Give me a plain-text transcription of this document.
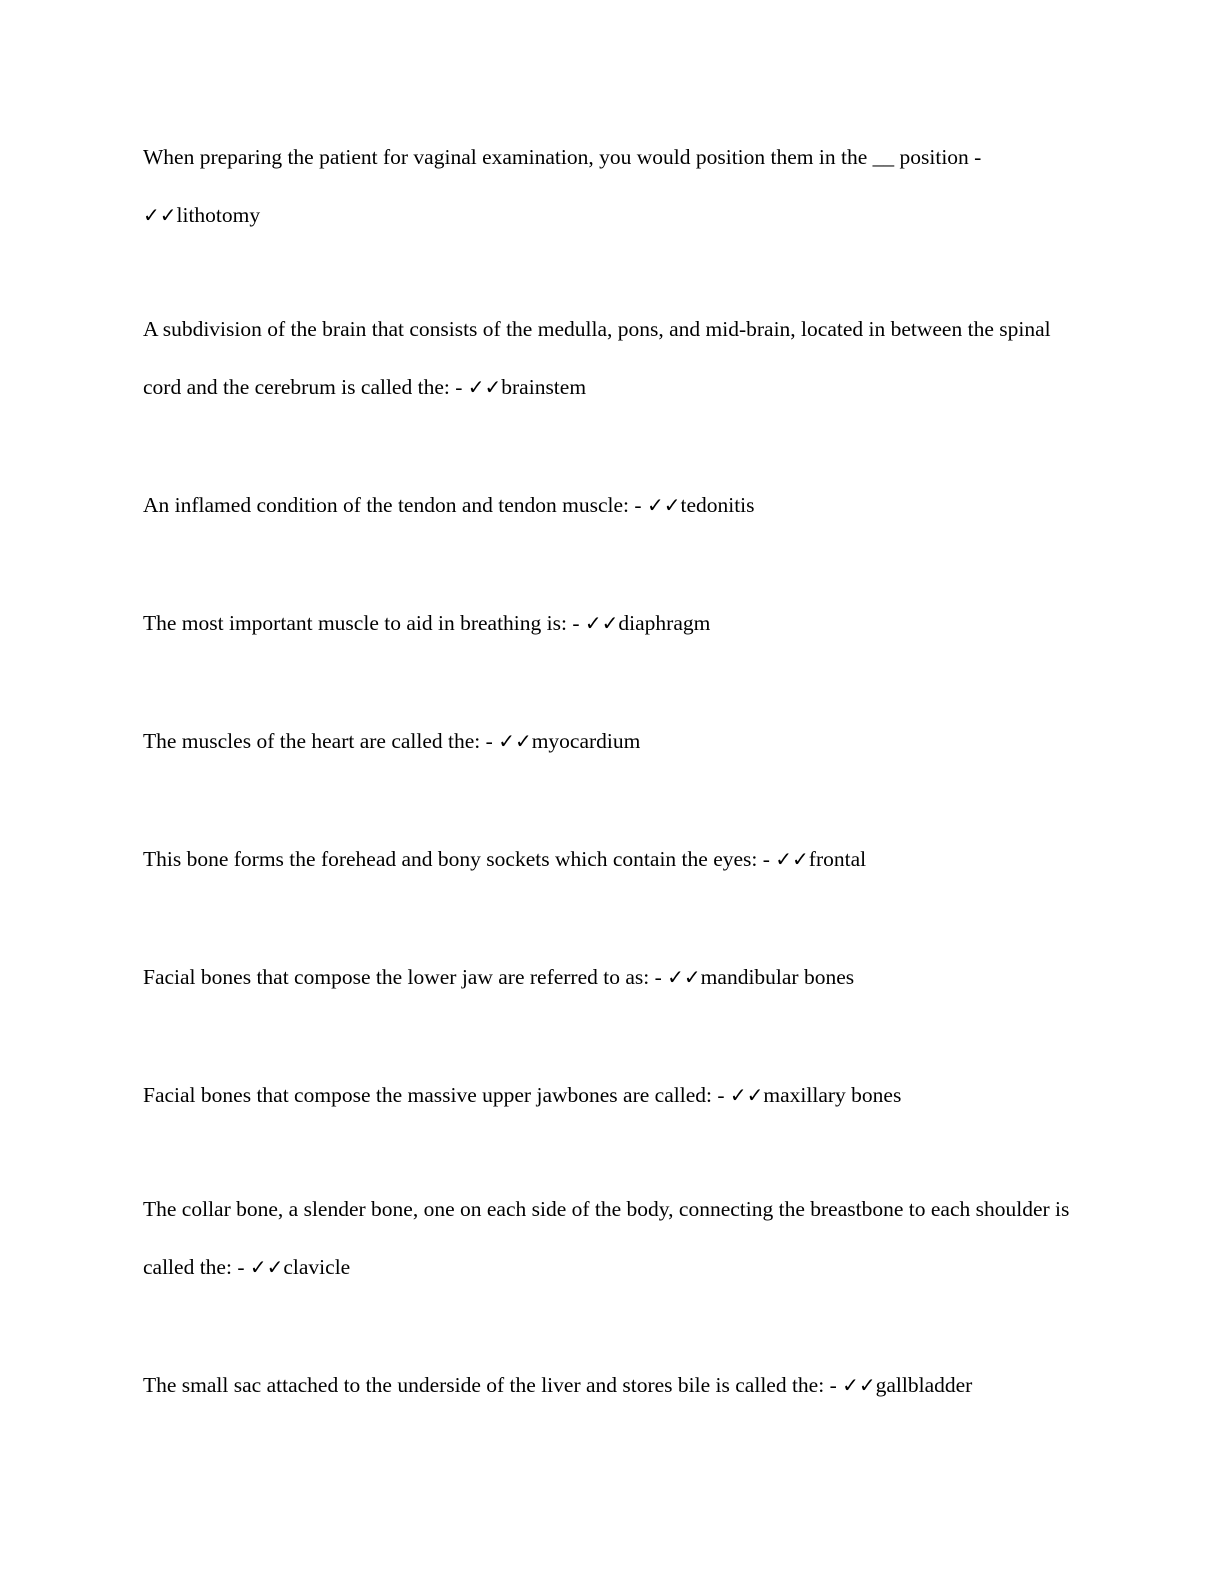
When preparing the patient for vaginal examination, you would position them in the __ position -
✓✓lithotomy

A subdivision of the brain that consists of the medulla, pons, and mid-brain, located in between the spinal cord and the cerebrum is called the: - ✓✓brainstem

An inflamed condition of the tendon and tendon muscle: - ✓✓tedonitis

The most important muscle to aid in breathing is: - ✓✓diaphragm

The muscles of the heart are called the: - ✓✓myocardium

This bone forms the forehead and bony sockets which contain the eyes: - ✓✓frontal

Facial bones that compose the lower jaw are referred to as: - ✓✓mandibular bones

Facial bones that compose the massive upper jawbones are called: - ✓✓maxillary bones

The collar bone, a slender bone, one on each side of the body, connecting the breastbone to each shoulder is called the: - ✓✓clavicle

The small sac attached to the underside of the liver and stores bile is called the: - ✓✓gallbladder
